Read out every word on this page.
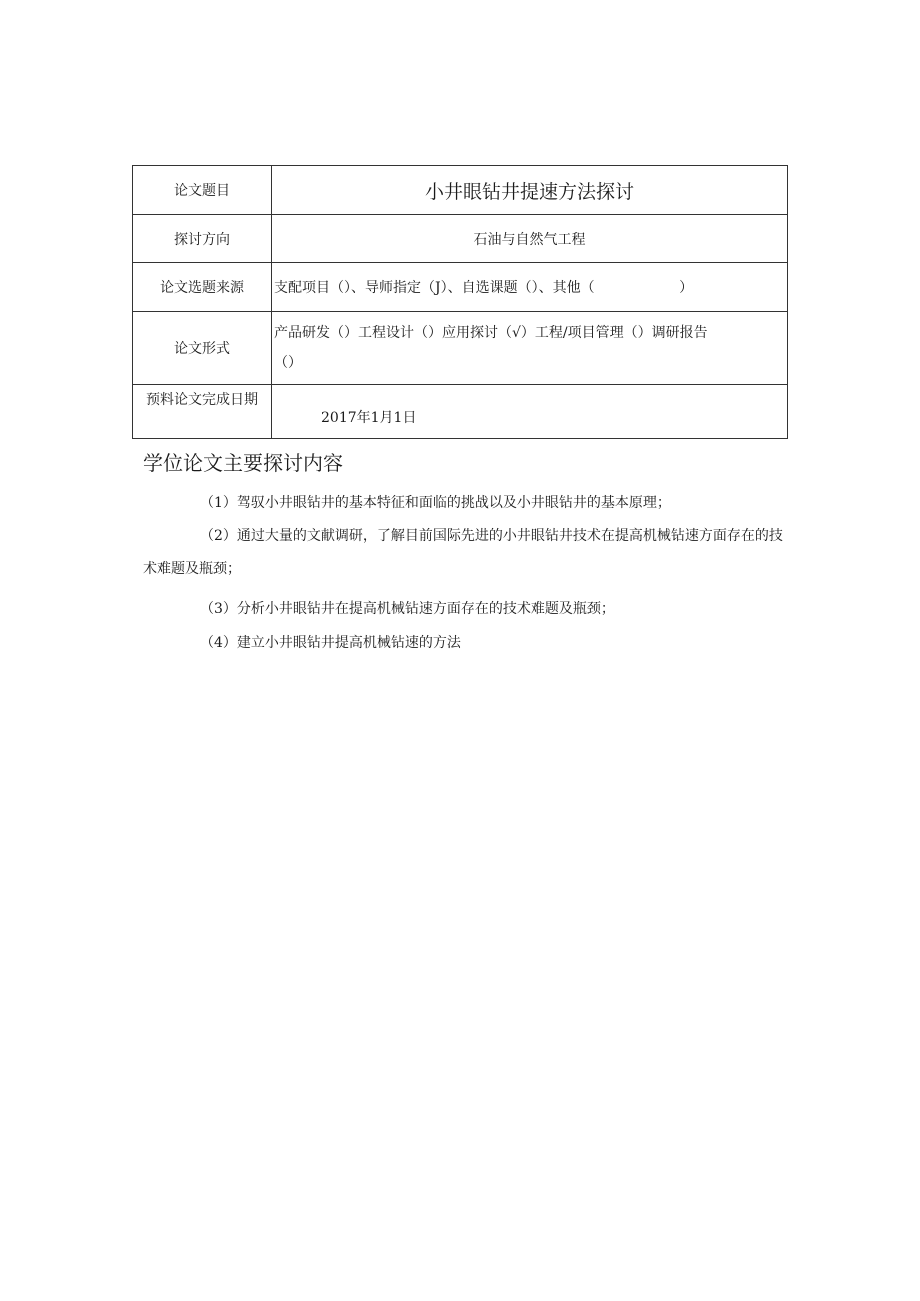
论文题目	小井眼钻井提速方法探讨
探讨方向	石油与自然气工程
论文选题来源	支配项目（）、导师指定（J）、自选课题（）、其他（                   ）
论文形式	产品研发（）工程设计（）应用探讨（√）工程/项目管理（）调研报告
（）

预料论文完成日期	2017年1月1日
学位论文主要探讨内容

（1）驾驭小井眼钻井的基本特征和面临的挑战以及小井眼钻井的基本原理；

（2）通过大量的文献调研，了解目前国际先进的小井眼钻井技术在提高机械钻速方面存在的技术难题及瓶颈；

（3）分析小井眼钻井在提高机械钻速方面存在的技术难题及瓶颈；

（4）建立小井眼钻井提高机械钻速的方法
